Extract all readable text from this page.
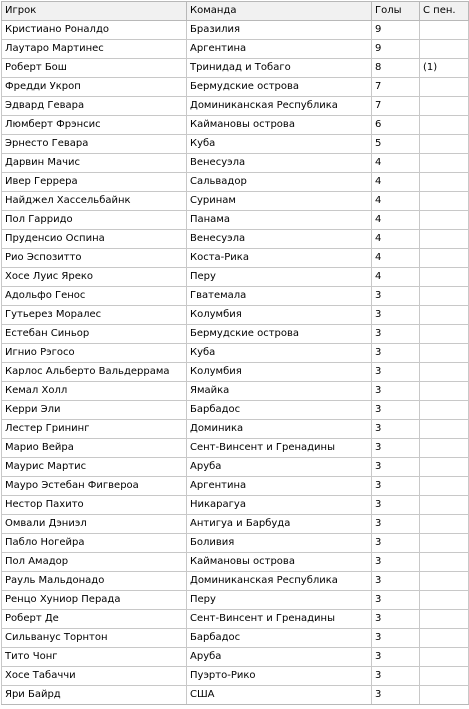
Игрок	Команда	Голы	С пен.
Криcтиано Роналдо	Бразилия	9	
Лаутаро Мартинес	Аргентина	9	
Роберт Бош	Тринидад и Тобаго	8	(1)
Фредди Укроп	Бермудские острова	7	
Эдвард Гевара	Доминиканская Республика	7	
Люмберт Фрэнсис	Каймановы острова	6	
Эрнесто Гевара	Куба	5	
Дарвин Мачис	Венесуэла	4	
Ивер Геррера	Сальвадор	4	
Найджел Хассельбайнк	Суринам	4	
Пол Гарридо	Панама	4	
Пруденсио Оспина	Венесуэла	4	
Рио Эспозитто	Коста-Рика	4	
Хосе Луис Яреко	Перу	4	
Адольфо Генос	Гватемала	3	
Гутьерез Моралес	Колумбия	3	
Естебан Синьор	Бермудские острова	3	
Игнио Рэгосо	Куба	3	
Карлос Альберто Вальдеррама	Колумбия	3	
Кемал Холл	Ямайка	3	
Керри Эли	Барбадос	3	
Лестер Грининг	Доминика	3	
Марио Вейра	Сент-Винсент и Гренадины	3	
Маурис Мартис	Аруба	3	
Мауро Эстебан Фигвероа	Аргентина	3	
Нестор Пахито	Никарагуа	3	
Омвали Дэниэл	Антигуа и Барбуда	3	
Пабло Ногейра	Боливия	3	
Пол Амадор	Каймановы острова	3	
Рауль Мальдонадо	Доминиканская Республика	3	
Ренцо Хуниор Перада	Перу	3	
Роберт Де	Сент-Винсент и Гренадины	3	
Сильванус Торнтон	Барбадос	3	
Тито Чонг	Аруба	3	
Хосе Табаччи	Пуэрто-Рико	3	
Яри Байрд	США	3	
